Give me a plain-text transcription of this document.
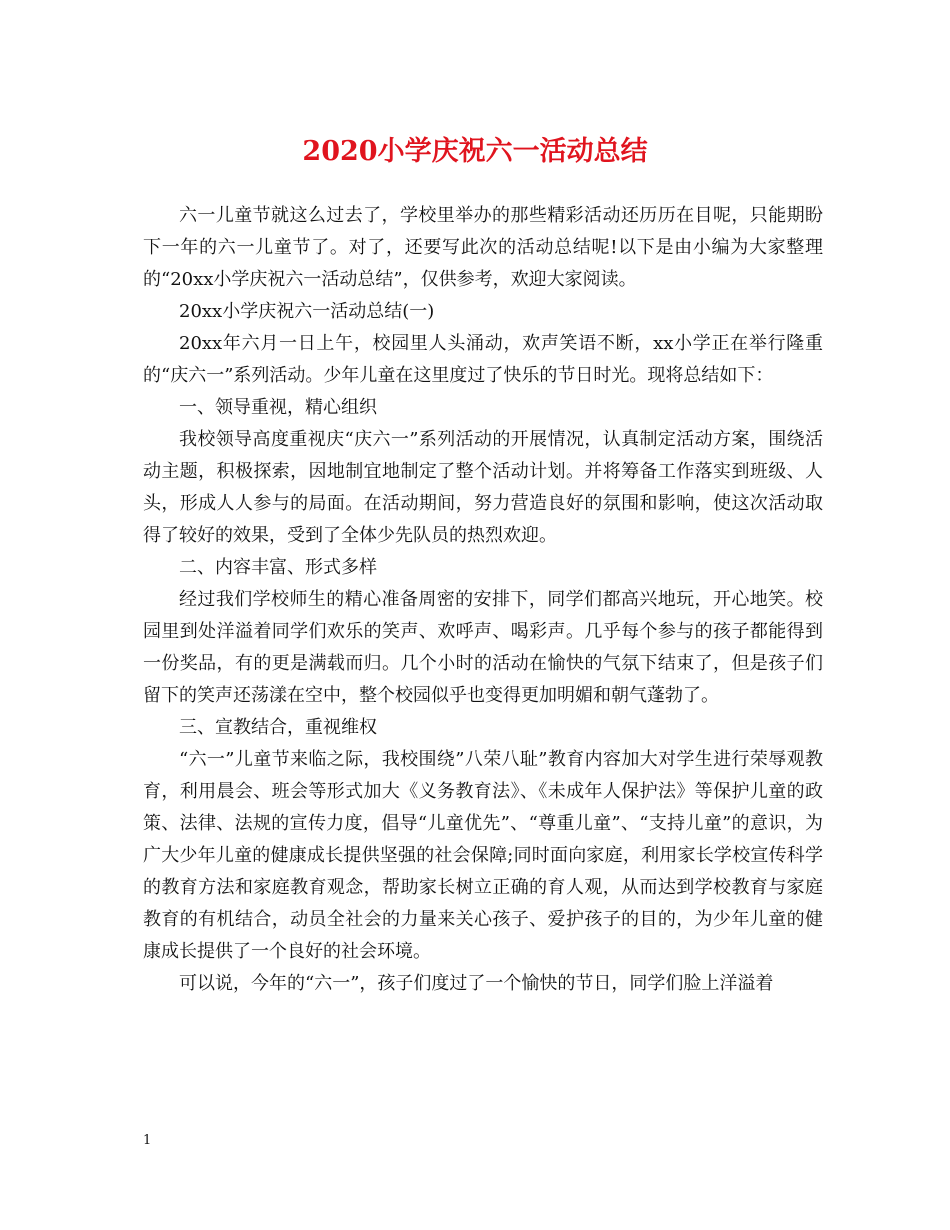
2020小学庆祝六一活动总结

六一儿童节就这么过去了，学校里举办的那些精彩活动还历历在目呢，只能期盼下一年的六一儿童节了。对了，还要写此次的活动总结呢!以下是由小编为大家整理的“20xx小学庆祝六一活动总结”，仅供参考，欢迎大家阅读。

20xx小学庆祝六一活动总结(一)

20xx年六月一日上午，校园里人头涌动，欢声笑语不断，xx小学正在举行隆重的“庆六一”系列活动。少年儿童在这里度过了快乐的节日时光。现将总结如下：

一、领导重视，精心组织

我校领导高度重视庆“庆六一”系列活动的开展情况，认真制定活动方案，围绕活动主题，积极探索，因地制宜地制定了整个活动计划。并将筹备工作落实到班级、人头，形成人人参与的局面。在活动期间，努力营造良好的氛围和影响，使这次活动取得了较好的效果，受到了全体少先队员的热烈欢迎。

二、内容丰富、形式多样

经过我们学校师生的精心准备周密的安排下，同学们都高兴地玩，开心地笑。校园里到处洋溢着同学们欢乐的笑声、欢呼声、喝彩声。几乎每个参与的孩子都能得到一份奖品，有的更是满载而归。几个小时的活动在愉快的气氛下结束了，但是孩子们留下的笑声还荡漾在空中，整个校园似乎也变得更加明媚和朝气蓬勃了。

三、宣教结合，重视维权

“六一”儿童节来临之际，我校围绕”八荣八耻”教育内容加大对学生进行荣辱观教育，利用晨会、班会等形式加大《义务教育法》、《未成年人保护法》等保护儿童的政策、法律、法规的宣传力度，倡导“儿童优先”、“尊重儿童”、“支持儿童”的意识，为广大少年儿童的健康成长提供坚强的社会保障;同时面向家庭，利用家长学校宣传科学的教育方法和家庭教育观念，帮助家长树立正确的育人观，从而达到学校教育与家庭教育的有机结合，动员全社会的力量来关心孩子、爱护孩子的目的，为少年儿童的健康成长提供了一个良好的社会环境。

可以说，今年的“六一”，孩子们度过了一个愉快的节日，同学们脸上洋溢着

1
